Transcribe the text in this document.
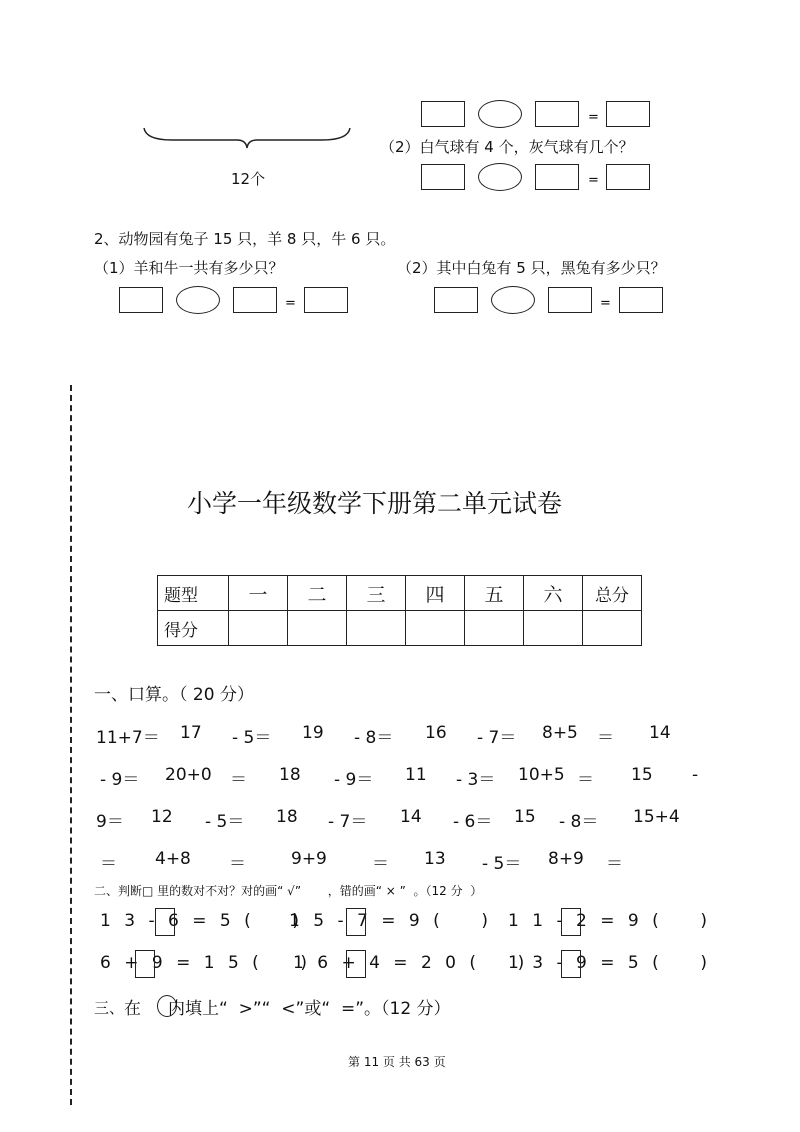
=
12个
（2）白气球有 4 个，灰气球有几个？
=
2、动物园有兔子 15 只，羊 8 只，牛 6 只。
（1）羊和牛一共有多少只？	（2）其中白兔有 5 只，黑兔有多少只？
=	=
小学一年级数学下册第二单元试卷
题型	一	二	三	四	五	六	总分
得分							
一、口算。（ 20 分）
11+7＝ 17 - 5＝ 19 - 8＝ 16 - 7＝ 8+5 ＝ 14
- 9＝ 20+0 ＝ 18 - 9＝ 11 - 3＝ 10+5 ＝ 15 -
9＝ 12 - 5＝ 18 - 7＝ 14 - 6＝ 15 - 8＝ 15+4
＝ 4+8 ＝	9+9	＝ 13 - 5＝ 8+9 ＝
二、判断□ 里的数对不对？对的画“ √”       ，错的画“ × ”  。（12 分  ）
1 3 - 6 = 5 (    )
1 5 - 7 = 9 (    ) 1 1 - 2 = 9 (    )
6 + 9 = 1 5 (    )
1 6 + 4 = 2 0 (    )
1 3 - 9 = 5 (    )
三、 在 内填上“  >”“  <”或“  =”。（12 分）
第 11 页 共 63 页
